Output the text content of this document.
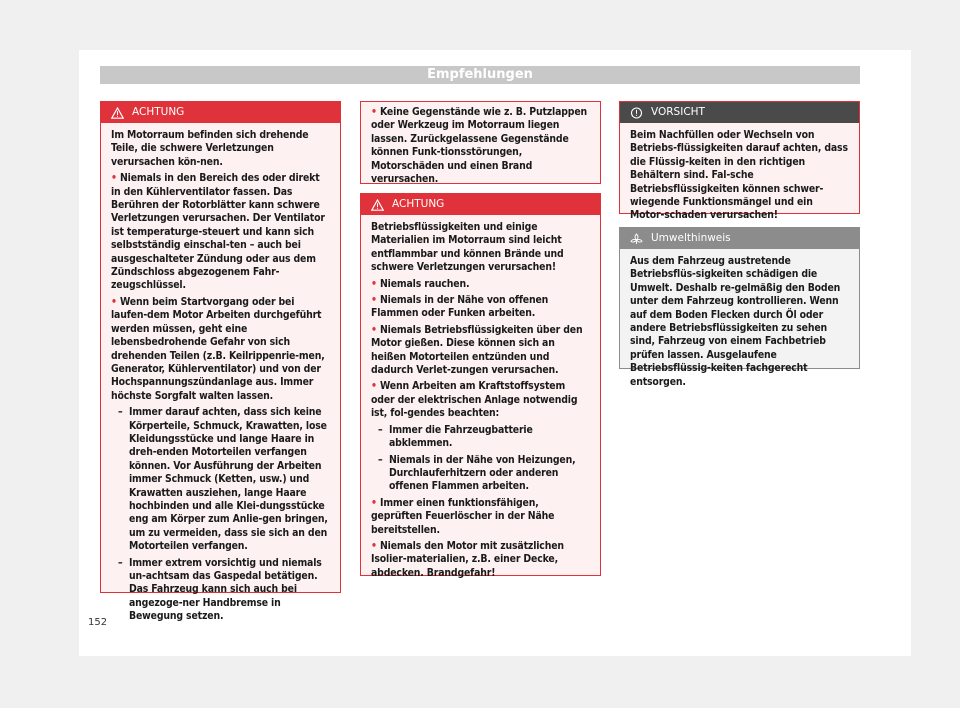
Empfehlungen
ACHTUNG

Im Motorraum befinden sich drehende Teile, die schwere Verletzungen verursachen kön-nen.

• Niemals in den Bereich des oder direkt in den Kühlerventilator fassen. Das Berühren der Rotorblätter kann schwere Verletzungen verursachen. Der Ventilator ist temperaturge-steuert und kann sich selbstständig einschal-ten – auch bei ausgeschalteter Zündung oder aus dem Zündschloss abgezogenem Fahr-zeugschlüssel.
• Wenn beim Startvorgang oder bei laufen-dem Motor Arbeiten durchgeführt werden müssen, geht eine lebensbedrohende Gefahr von sich drehenden Teilen (z.B. Keilrippenrie-men, Generator, Kühlerventilator) und von der Hochspannungszündanlage aus. Immer höchste Sorgfalt walten lassen.
– Immer darauf achten, dass sich keine Körperteile, Schmuck, Krawatten, lose Kleidungsstücke und lange Haare in dreh-enden Motorteilen verfangen können. Vor Ausführung der Arbeiten immer Schmuck (Ketten, usw.) und Krawatten ausziehen, lange Haare hochbinden und alle Klei-dungsstücke eng am Körper zum Anlie-gen bringen, um zu vermeiden, dass sie sich an den Motorteilen verfangen.
– Immer extrem vorsichtig und niemals un-achtsam das Gaspedal betätigen. Das Fahrzeug kann sich auch bei angezoge-ner Handbremse in Bewegung setzen.
• Keine Gegenstände wie z. B. Putzlappen oder Werkzeug im Motorraum liegen lassen. Zurückgelassene Gegenstände können Funk-tionsstörungen, Motorschäden und einen Brand verursachen.
ACHTUNG

Betriebsflüssigkeiten und einige Materialien im Motorraum sind leicht entflammbar und können Brände und schwere Verletzungen verursachen!

• Niemals rauchen.
• Niemals in der Nähe von offenen Flammen oder Funken arbeiten.
• Niemals Betriebsflüssigkeiten über den Motor gießen. Diese können sich an heißen Motorteilen entzünden und dadurch Verlet-zungen verursachen.
• Wenn Arbeiten am Kraftstoffsystem oder der elektrischen Anlage notwendig ist, fol-gendes beachten:
– Immer die Fahrzeugbatterie abklemmen.
– Niemals in der Nähe von Heizungen, Durchlauferhitzern oder anderen offenen Flammen arbeiten.
• Immer einen funktionsfähigen, geprüften Feuerlöscher in der Nähe bereitstellen.
• Niemals den Motor mit zusätzlichen Isolier-materialien, z.B. einer Decke, abdecken. Brandgefahr!
VORSICHT

Beim Nachfüllen oder Wechseln von Betriebs-flüssigkeiten darauf achten, dass die Flüssig-keiten in den richtigen Behältern sind. Fal-sche Betriebsflüssigkeiten können schwer-wiegende Funktionsmängel und ein Motor-schaden verursachen!

Umwelthinweis

Aus dem Fahrzeug austretende Betriebsflüs-sigkeiten schädigen die Umwelt. Deshalb re-gelmäßig den Boden unter dem Fahrzeug kontrollieren. Wenn auf dem Boden Flecken durch Öl oder andere Betriebsflüssigkeiten zu sehen sind, Fahrzeug von einem Fachbetrieb prüfen lassen. Ausgelaufene Betriebsflüssig-keiten fachgerecht entsorgen.

152
